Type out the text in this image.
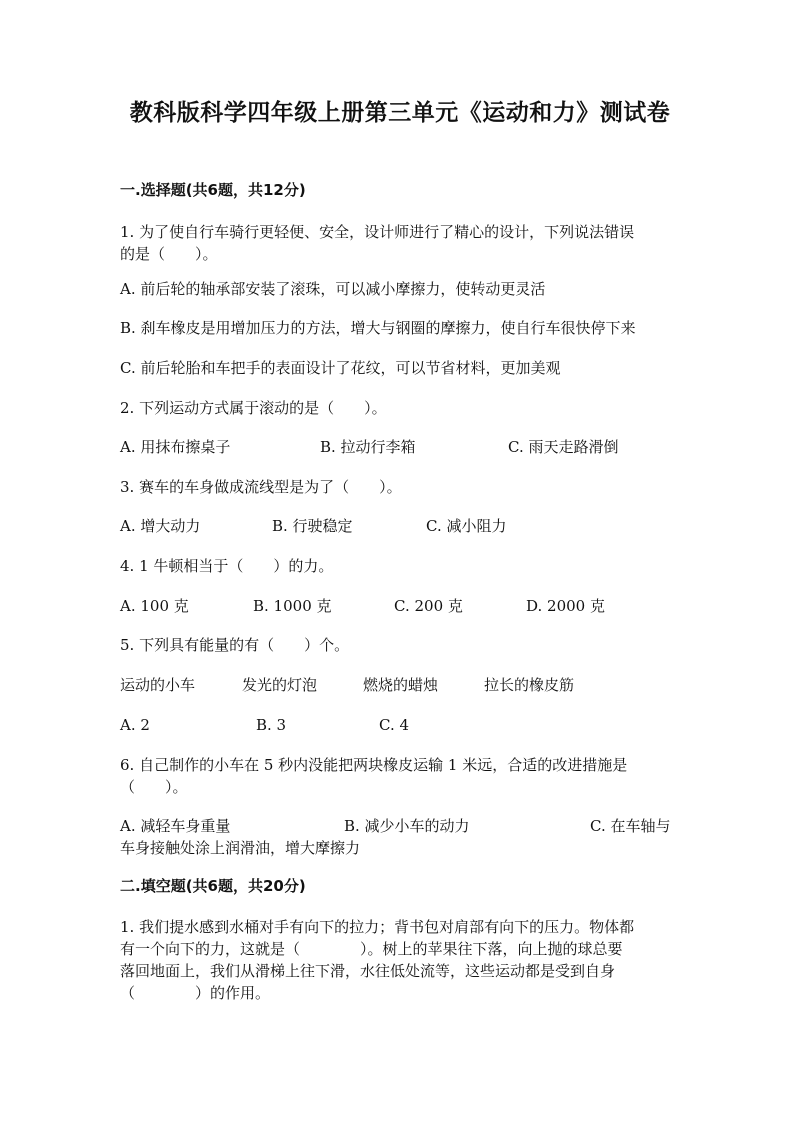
教科版科学四年级上册第三单元《运动和力》测试卷
一.选择题(共6题，共12分)
1. 为了使自行车骑行更轻便、安全，设计师进行了精心的设计，下列说法错误
的是（　　）。
A. 前后轮的轴承部安装了滚珠，可以减小摩擦力，使转动更灵活
B. 刹车橡皮是用增加压力的方法，增大与钢圈的摩擦力，使自行车很快停下来
C. 前后轮胎和车把手的表面设计了花纹，可以节省材料，更加美观
2. 下列运动方式属于滚动的是（　　）。
A. 用抹布擦桌子	B. 拉动行李箱	C. 雨天走路滑倒
3. 赛车的车身做成流线型是为了（　　）。
A. 增大动力	B. 行驶稳定	C. 减小阻力
4. 1 牛顿相当于（　　）的力。
A. 100 克	B. 1000 克	C. 200 克	D. 2000 克
5. 下列具有能量的有（　　）个。
运动的小车	发光的灯泡	燃烧的蜡烛	拉长的橡皮筋
A. 2	B. 3	C. 4
6. 自己制作的小车在 5 秒内没能把两块橡皮运输 1 米远，合适的改进措施是
（　　）。
A. 减轻车身重量	B. 减少小车的动力	C. 在车轴与
车身接触处涂上润滑油，增大摩擦力
二.填空题(共6题，共20分)
1. 我们提水感到水桶对手有向下的拉力；背书包对肩部有向下的压力。物体都
有一个向下的力，这就是（　　　　）。树上的苹果往下落，向上抛的球总要
落回地面上，我们从滑梯上往下滑，水往低处流等，这些运动都是受到自身
（　　　　）的作用。
